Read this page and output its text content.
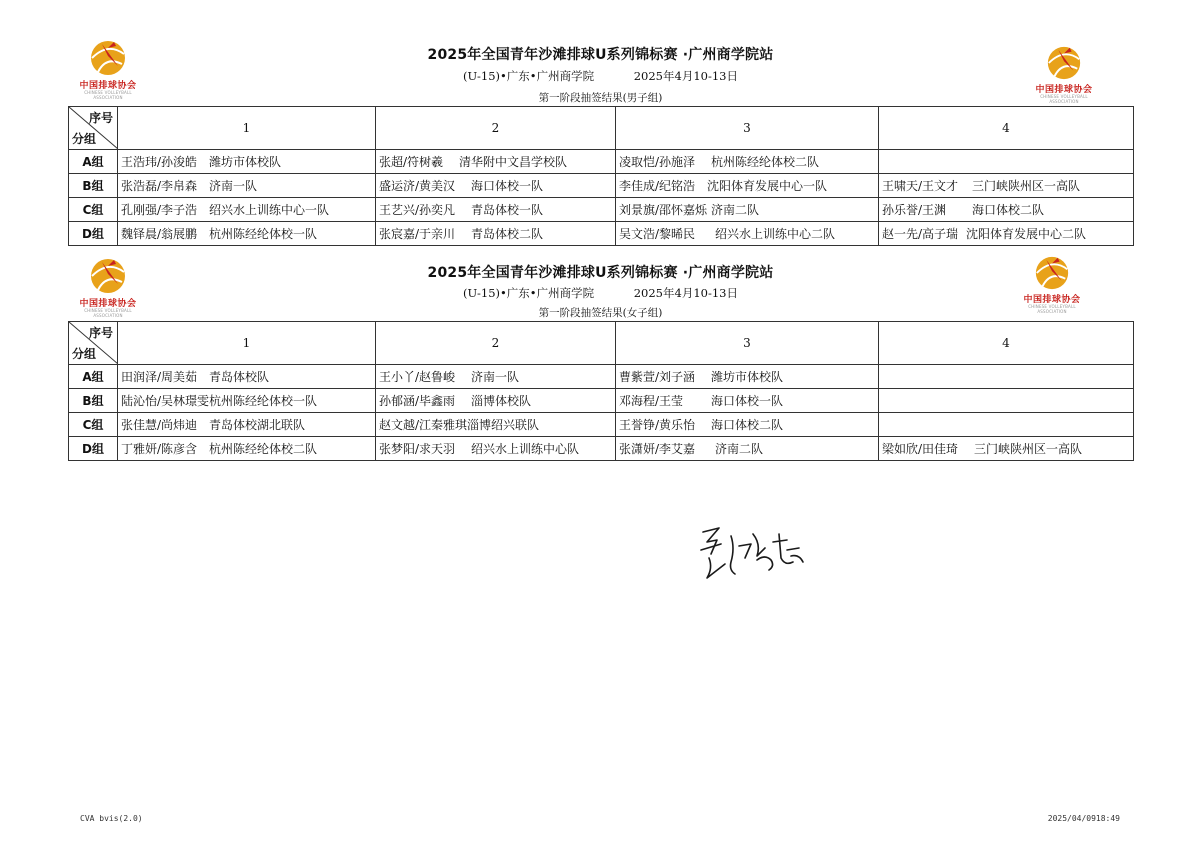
中国排球协会
CHINESE VOLLEYBALL ASSOCIATION
中国排球协会
CHINESE VOLLEYBALL ASSOCIATION
2025年全国青年沙滩排球U系列锦标赛 ·广州商学院站
(U-15)•广东•广州商学院	2025年4月10-13日
第一阶段抽签结果(男子组)
序号
分组	1	2	3	4
A组	王浩玮/孙浚皓 潍坊市体校队	张超/符树羲 清华附中文昌学校队	凌取恺/孙施泽 杭州陈经纶体校二队	
B组	张浩磊/李帛森 济南一队	盛运济/黄美汉 海口体校一队	李佳成/纪铭浩 沈阳体育发展中心一队	王啸天/王文才 三门峡陕州区一高队
C组	孔刚强/李子浩 绍兴水上训练中心一队	王艺兴/孙奕凡 青岛体校一队	刘景旗/邵怀嘉烁 济南二队	孙乐誉/王渊 海口体校二队
D组	魏铎晨/翁展鹏 杭州陈经纶体校一队	张宸嘉/于亲川 青岛体校二队	吴文浩/黎晞民 绍兴水上训练中心二队	赵一先/高子瑞 沈阳体育发展中心二队
中国排球协会
CHINESE VOLLEYBALL ASSOCIATION
中国排球协会
CHINESE VOLLEYBALL ASSOCIATION
2025年全国青年沙滩排球U系列锦标赛 ·广州商学院站
(U-15)•广东•广州商学院	2025年4月10-13日
第一阶段抽签结果(女子组)
序号
分组	1	2	3	4
A组	田润泽/周美茹 青岛体校队	王小丫/赵鲁峻 济南一队	曹紫萱/刘子涵 潍坊市体校队	
B组	陆沁怡/吴林璟雯杭州陈经纶体校一队	孙郁涵/毕鑫雨 淄博体校队	邓海程/王莹 海口体校一队	
C组	张佳慧/尚炜迪 青岛体校湖北联队	赵文越/江秦雅琪淄博绍兴联队	王誉铮/黄乐怡 海口体校二队	
D组	丁雅妍/陈彦含 杭州陈经纶体校二队	张梦阳/求天羽 绍兴水上训练中心队	张潇妍/李艾嘉 济南二队	梁如欣/田佳琦 三门峡陕州区一高队
CVA bvis(2.0)	2025/04/0918:49
